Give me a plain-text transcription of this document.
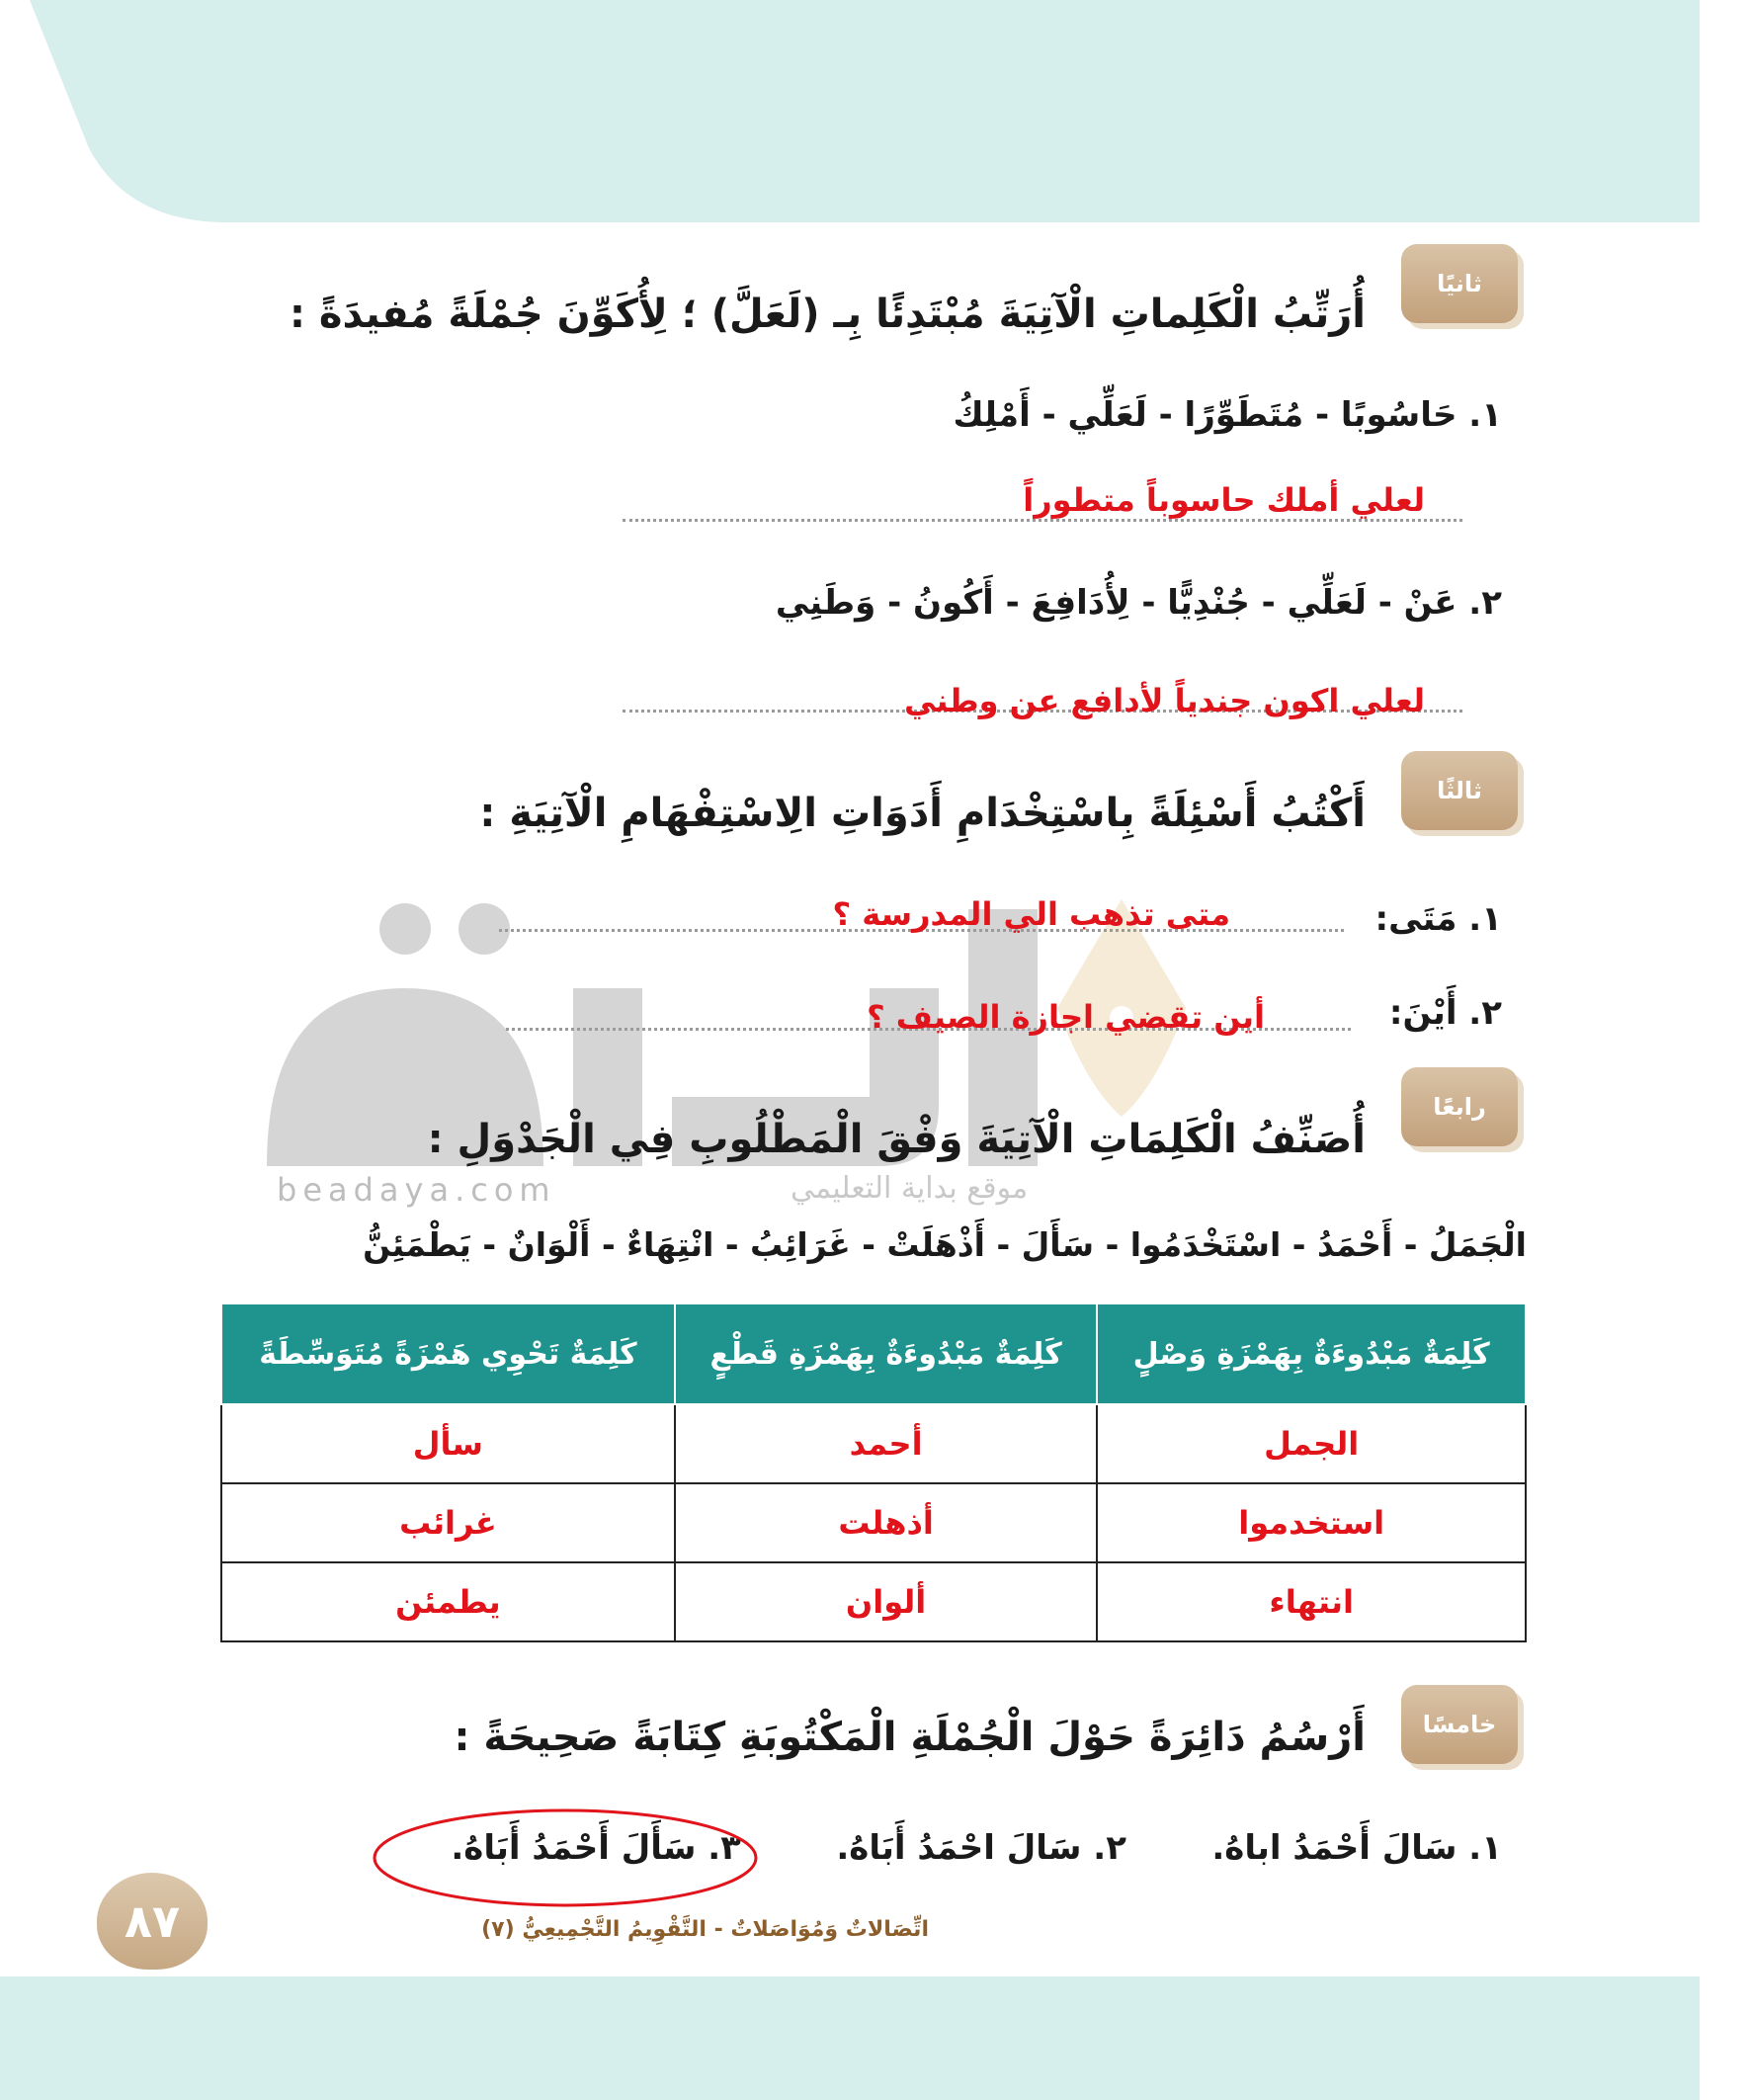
beadaya.com	موقع بداية التعليمي
ثانيًا
أُرَتِّبُ الْكَلِماتِ الْآتِيَةَ مُبْتَدِئًا بِـ (لَعَلَّ) ؛ لِأُكَوِّنَ جُمْلَةً مُفيدَةً :
١. حَاسُوبًا - مُتَطَوِّرًا - لَعَلِّي - أَمْلِكُ
لعلي أملك حاسوباً متطوراً
٢. عَنْ - لَعَلِّي - جُنْدِيًّا - لِأُدَافِعَ - أَكُونُ - وَطَنِي
لعلي اكون جندياً لأدافع عن وطني
ثالثًا
أَكْتُبُ أَسْئِلَةً بِاسْتِخْدَامِ أَدَوَاتِ الِاسْتِفْهَامِ الْآتِيَةِ :
١. مَتَى:
متى تذهب الي المدرسة ؟
٢. أَيْنَ:
أين تقضي اجازة الصيف ؟
رابعًا
أُصَنِّفُ الْكَلِمَاتِ الْآتِيَةَ وَفْقَ الْمَطْلُوبِ فِي الْجَدْوَلِ :
الْجَمَلُ - أَحْمَدُ - اسْتَخْدَمُوا - سَأَلَ - أَذْهَلَتْ - غَرَائِبُ - انْتِهَاءٌ - أَلْوَانٌ - يَطْمَئِنُّ
كَلِمَةٌ مَبْدُوءَةٌ بِهَمْزَةِ وَصْلٍ	كَلِمَةٌ مَبْدُوءَةٌ بِهَمْزَةِ قَطْعٍ	كَلِمَةٌ تَحْوِي هَمْزَةً مُتَوَسِّطَةً
الجمل	أحمد	سأل
استخدموا	أذهلت	غرائب
انتهاء	ألوان	يطمئن
خامسًا
أَرْسُمُ دَائِرَةً حَوْلَ الْجُمْلَةِ الْمَكْتُوبَةِ كِتَابَةً صَحِيحَةً :
١. سَالَ أَحْمَدُ اباهُ.
٢. سَالَ احْمَدُ أَبَاهُ.
٣. سَأَلَ أَحْمَدُ أَبَاهُ.
٨٧	اتِّصَالاتٌ وَمُوَاصَلاتٌ - التَّقْوِيمُ التَّجْمِيعِيُّ (٧)
